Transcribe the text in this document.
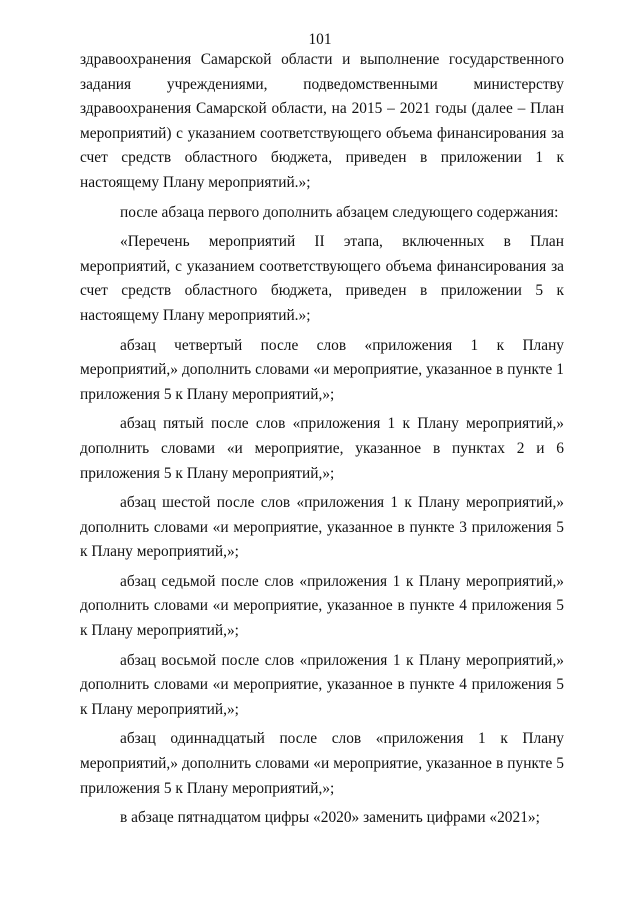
101

здравоохранения Самарской области и выполнение государственного задания учреждениями, подведомственными министерству здравоохранения Самарской области, на 2015 – 2021 годы (далее – План мероприятий) с указанием соответствующего объема финансирования за счет средств областного бюджета, приведен в приложении 1 к настоящему Плану мероприятий.»;

после абзаца первого дополнить абзацем следующего содержания:

«Перечень мероприятий II этапа, включенных в План мероприятий, с указанием соответствующего объема финансирования за счет средств областного бюджета, приведен в приложении 5 к настоящему Плану мероприятий.»;

абзац четвертый после слов «приложения 1 к Плану мероприятий,» дополнить словами «и мероприятие, указанное в пункте 1 приложения 5 к Плану мероприятий,»;

абзац пятый после слов «приложения 1 к Плану мероприятий,» дополнить словами «и мероприятие, указанное в пунктах 2 и 6 приложения 5 к Плану мероприятий,»;

абзац шестой после слов «приложения 1 к Плану мероприятий,» дополнить словами «и мероприятие, указанное в пункте 3 приложения 5 к Плану мероприятий,»;

абзац седьмой после слов «приложения 1 к Плану мероприятий,» дополнить словами «и мероприятие, указанное в пункте 4 приложения 5 к Плану мероприятий,»;

абзац восьмой после слов «приложения 1 к Плану мероприятий,» дополнить словами «и мероприятие, указанное в пункте 4 приложения 5 к Плану мероприятий,»;

абзац одиннадцатый после слов «приложения 1 к Плану мероприятий,» дополнить словами «и мероприятие, указанное в пункте 5 приложения 5 к Плану мероприятий,»;

в абзаце пятнадцатом цифры «2020» заменить цифрами «2021»;
